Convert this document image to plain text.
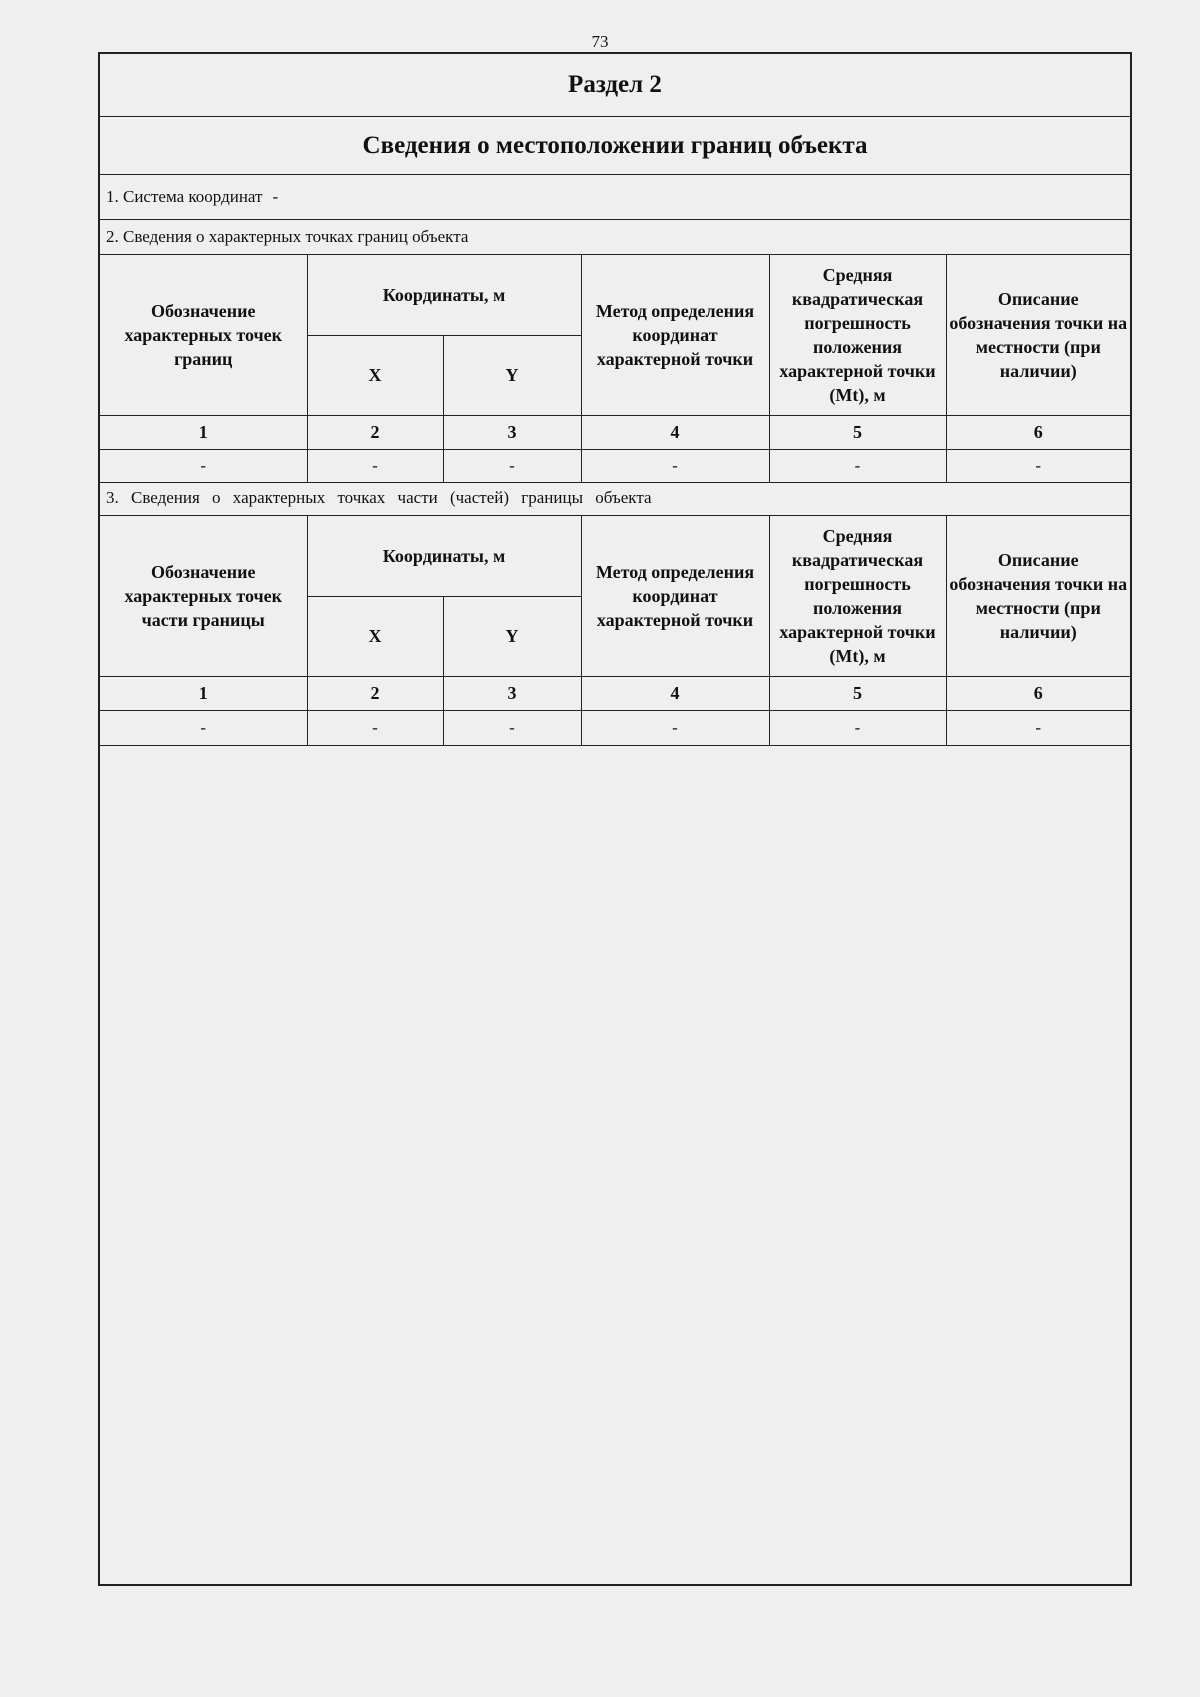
73
Раздел 2
Сведения о местоположении границ объекта
1. Система координат -
2. Сведения о характерных точках границ объекта
Обозначение характерных точек границ	Координаты, м		Метод определения координат характерной точки	Средняя квадратическая погрешность положения характерной точки (Mt), м	Описание обозначения точки на местности (при наличии)
	X	Y			
1	2	3	4	5	6
-	-	-	-	-	-
3. Сведения о характерных точках части (частей) границы объекта
Обозначение характерных точек части границы	Координаты, м		Метод определения координат характерной точки	Средняя квадратическая погрешность положения характерной точки (Mt), м	Описание обозначения точки на местности (при наличии)
	X	Y			
1	2	3	4	5	6
-	-	-	-	-	-
